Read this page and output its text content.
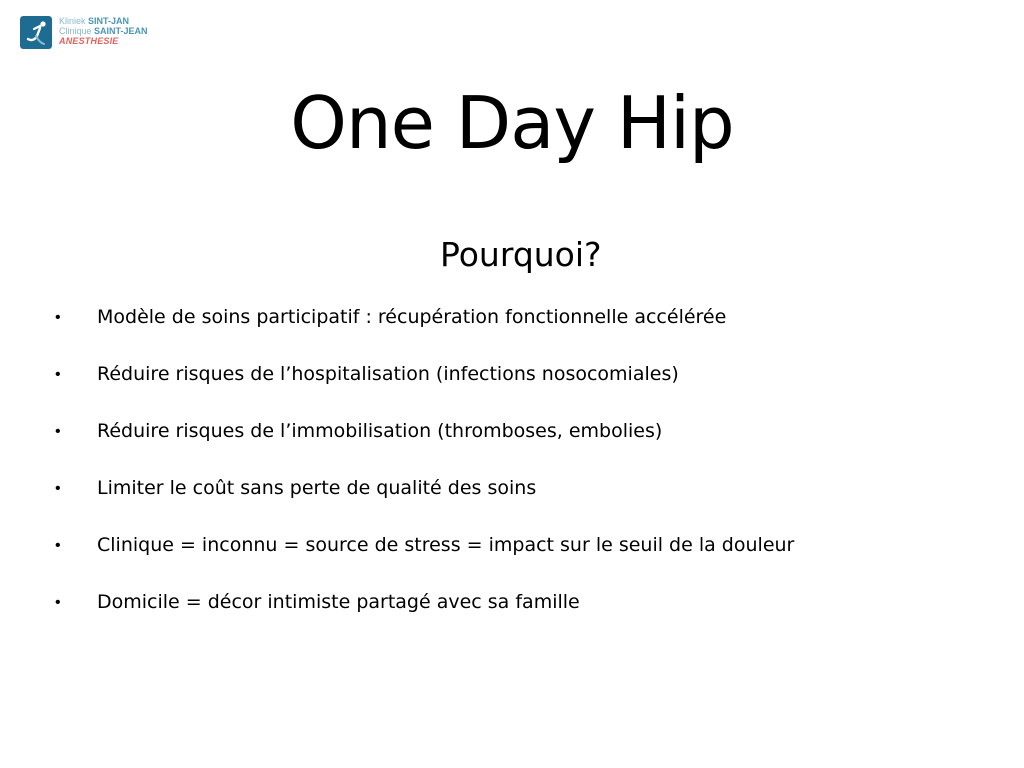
Kliniek SINT-JAN
Clinique SAINT-JEAN
ANESTHESIE
One Day Hip
Pourquoi?
• Modèle de soins participatif : récupération fonctionnelle accélérée
• Réduire risques de l’hospitalisation (infections nosocomiales)
• Réduire risques de l’immobilisation (thromboses, embolies)
• Limiter le coût sans perte de qualité des soins
• Clinique = inconnu = source de stress = impact sur le seuil de la douleur
• Domicile = décor intimiste partagé avec sa famille
